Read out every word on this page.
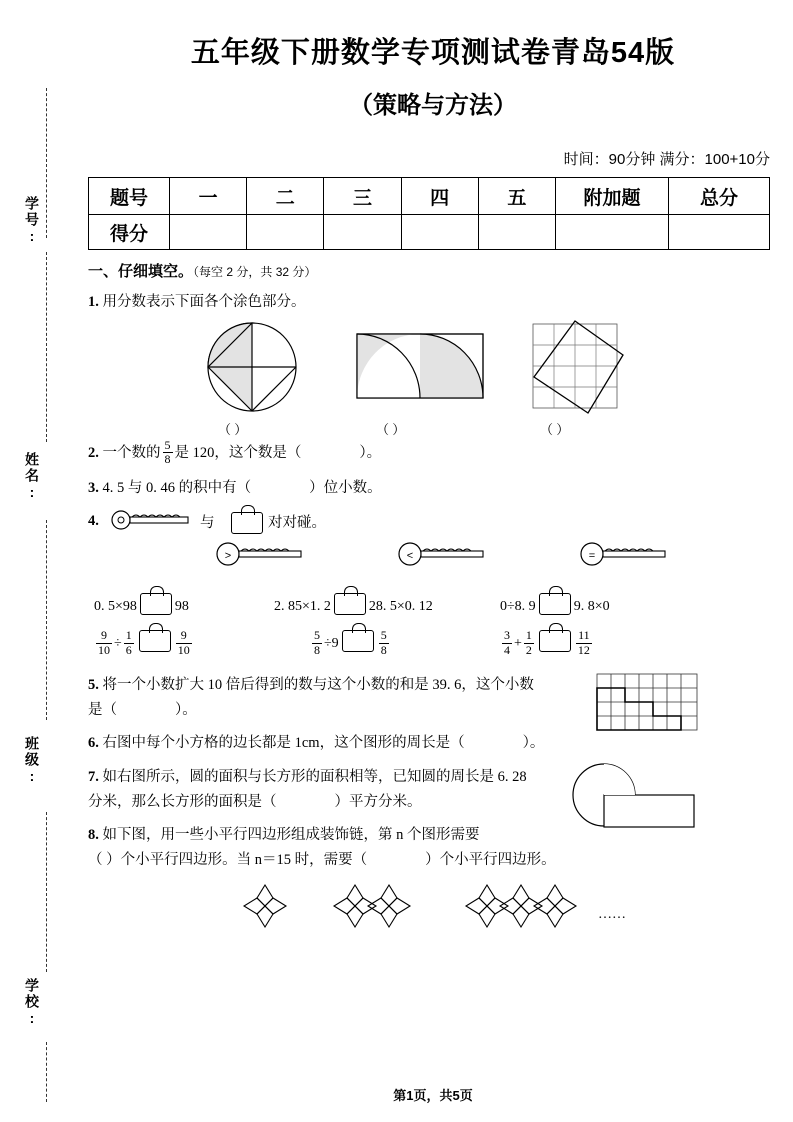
学号:
姓名:
班级:
学校:
五年级下册数学专项测试卷青岛54版
（策略与方法）
时间：90分钟 满分：100+10分
题号	一	二	三	四	五	附加题	总分
得分							
一、仔细填空。（每空 2 分，共 32 分）
1. 用分数表示下面各个涂色部分。
（ ）	（ ）	（ ）
2. 一个数的 $\frac{5}{8}$ 是 120，这个数是（	）。
3. 4. 5 与 0. 46 的积中有（	）位小数。
4.	与	对对碰。
>	<	=
0. 5×98	98	2. 85×1. 2	28. 5×0. 12	0÷8. 9	9. 8×0
$\frac{9}{10} \div \frac{1}{6}$	$\frac{9}{10}$	$\frac{5}{8} \div 9$	$\frac{5}{8}$	$\frac{3}{4} + \frac{1}{2}$	$\frac{11}{12}$
5. 将一个小数扩大 10 倍后得到的数与这个小数的和是 39. 6，这个小数
是（	）。
6. 右图中每个小方格的边长都是 1cm，这个图形的周长是（	）。
7. 如右图所示，圆的面积与长方形的面积相等，已知圆的周长是 6. 28
分米，那么长方形的面积是（	）平方分米。
8. 如下图，用一些小平行四边形组成装饰链，第 n 个图形需要
（ ）个小平行四边形。当 n＝15 时，需要（	）个小平行四边形。
……
第1页，共5页
